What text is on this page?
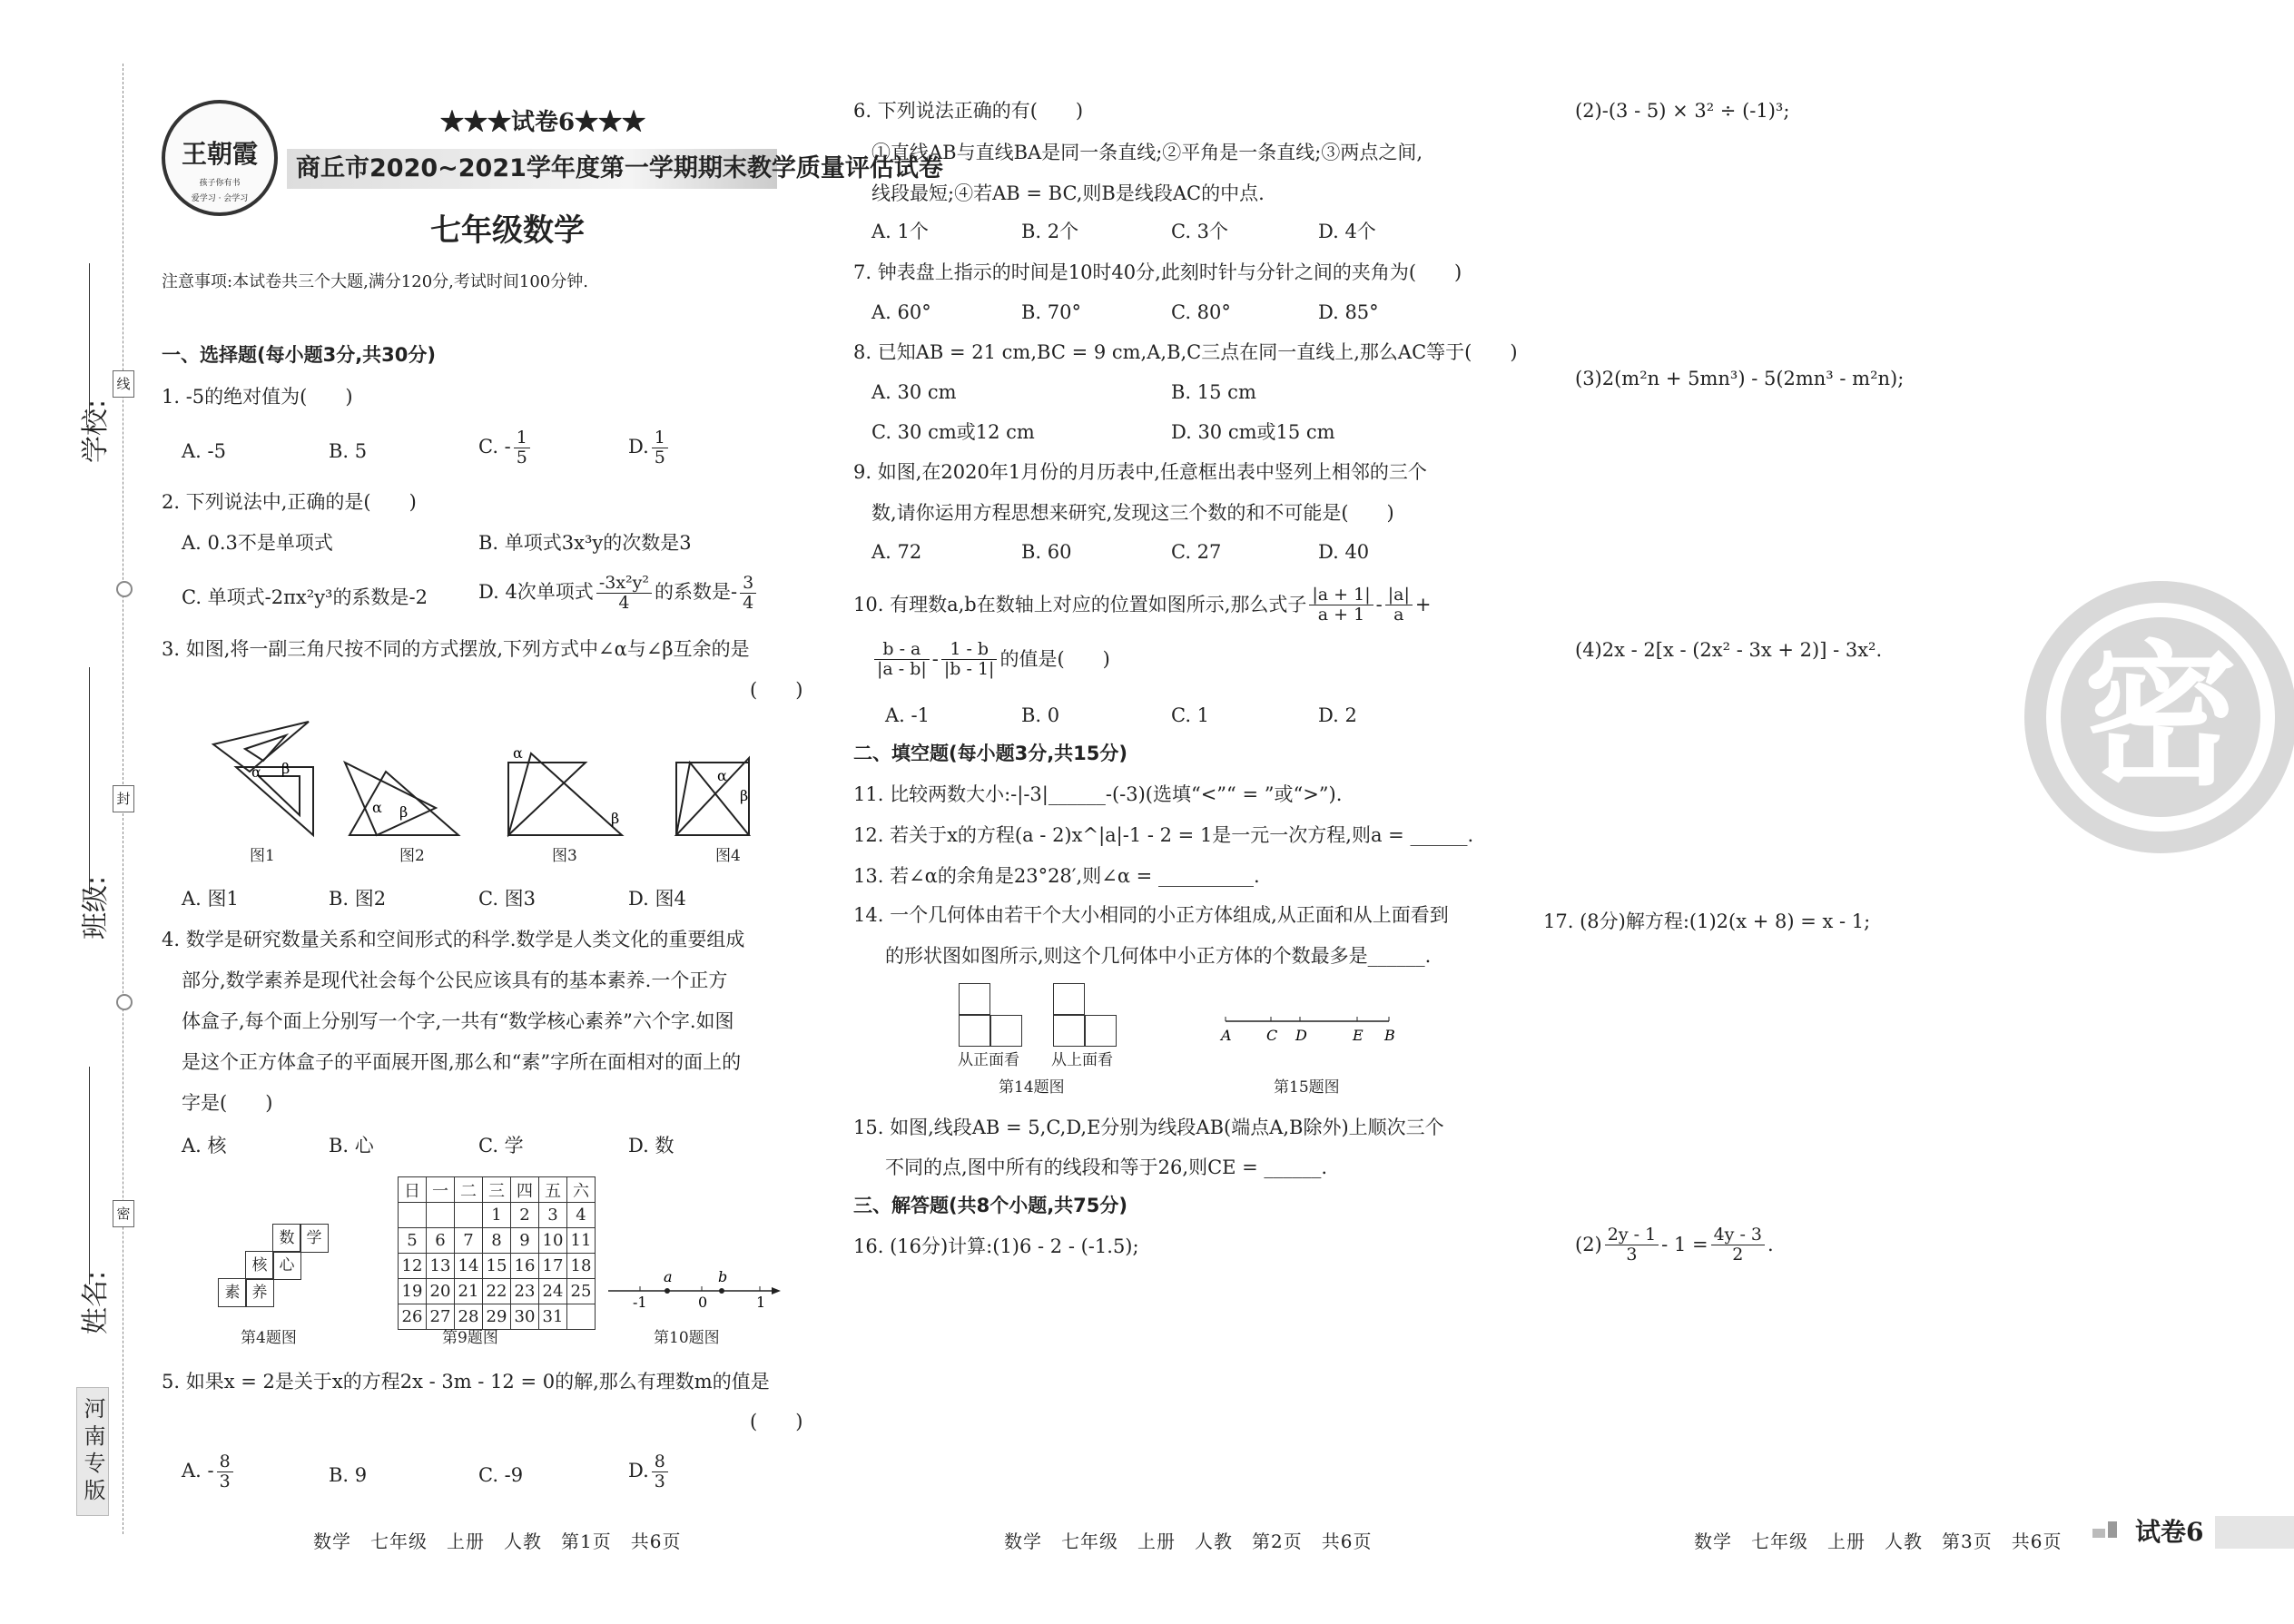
学校:
班级:
姓名:
线
封
密
河南专版
王朝霞
孩子你有书
爱学习 · 会学习
★★★试卷6★★★
商丘市2020~2021学年度第一学期期末教学质量评估试卷
七年级数学
注意事项:本试卷共三个大题,满分120分,考试时间100分钟.
一、选择题(每小题3分,共30分)
1. -5的绝对值为(　　)
A. -5	B. 5	C. - $\frac{1}{5}$	D. $\frac{1}{5}$
2. 下列说法中,正确的是(　　)
A. 0.3不是单项式	B. 单项式3x³y的次数是3
C. 单项式-2πx²y³的系数是-2	D. 4次单项式 $\frac{\text{-3x²y²}}{4}$ 的系数是- $\frac{3}{4}$
3. 如图,将一副三角尺按不同的方式摆放,下列方式中∠α与∠β互余的是
(　　)
α β
α β
α
β
α
β
图1	图2	图3	图4
A. 图1	B. 图2	C. 图3	D. 图4
4. 数学是研究数量关系和空间形式的科学.数学是人类文化的重要组成
部分,数学素养是现代社会每个公民应该具有的基本素养.一个正方
体盒子,每个面上分别写一个字,一共有“数学核心素养”六个字.如图
是这个正方体盒子的平面展开图,那么和“素”字所在面相对的面上的
字是(　　)
A. 核	B. 心	C. 学	D. 数
数 学
核 心
素 养
第4题图
日	一	二	三	四	五	六
			1	2	3	4
5	6	7	8	9	10	11
12	13	14	15	16	17	18
19	20	21	22	23	24	25
26	27	28	29	30	31	
第9题图
-1
a
0
b
1
第10题图
5. 如果x = 2是关于x的方程2x - 3m - 12 = 0的解,那么有理数m的值是
(　　)
A. - $\frac{8}{3}$	B. 9	C. -9	D. $\frac{8}{3}$
数学　七年级　上册　人教　第1页　共6页
6. 下列说法正确的有(　　)
①直线AB与直线BA是同一条直线;②平角是一条直线;③两点之间,
线段最短;④若AB = BC,则B是线段AC的中点.
A. 1个	B. 2个	C. 3个	D. 4个
7. 钟表盘上指示的时间是10时40分,此刻时针与分针之间的夹角为(　　)
A. 60°	B. 70°	C. 80°	D. 85°
8. 已知AB = 21 cm,BC = 9 cm,A,B,C三点在同一直线上,那么AC等于(　　)
A. 30 cm	B. 15 cm
C. 30 cm或12 cm	D. 30 cm或15 cm
9. 如图,在2020年1月份的月历表中,任意框出表中竖列上相邻的三个
数,请你运用方程思想来研究,发现这三个数的和不可能是(　　)
A. 72	B. 60	C. 27	D. 40
10. 有理数a,b在数轴上对应的位置如图所示,那么式子 $\frac{|a + 1|}{a + 1} - \frac{|a|}{a}$ +
$\frac{b - a}{|a - b|} - \frac{1 - b}{|b - 1|}$ 的值是(　　)
A. -1	B. 0	C. 1	D. 2
二、填空题(每小题3分,共15分)
11. 比较两数大小:-|-3|______-(-3)(选填“<”“ = ”或“>”).
12. 若关于x的方程(a - 2)x^|a|-1 - 2 = 1是一元一次方程,则a = ______.
13. 若∠α的余角是23°28′,则∠α = __________.
14. 一个几何体由若干个大小相同的小正方体组成,从正面和从上面看到
的形状图如图所示,则这个几何体中小正方体的个数最多是______.
从正面看 从上面看
第14题图
A C D	E B
第15题图
15. 如图,线段AB = 5,C,D,E分别为线段AB(端点A,B除外)上顺次三个
不同的点,图中所有的线段和等于26,则CE = ______.
三、解答题(共8个小题,共75分)
16. (16分)计算:(1)6 - 2 - (-1.5);
数学　七年级　上册　人教　第2页　共6页
(2)-(3 - 5) × 3² ÷ (-1)³;
(3)2(m²n + 5mn³) - 5(2mn³ - m²n);
(4)2x - 2[x - (2x² - 3x + 2)] - 3x².
17. (8分)解方程:(1)2(x + 8) = x - 1;
$(2) \frac{2y - 1}{3} - 1 = \frac{4y - 3}{2}$ .
密
数学　七年级　上册　人教　第3页　共6页	试卷6
